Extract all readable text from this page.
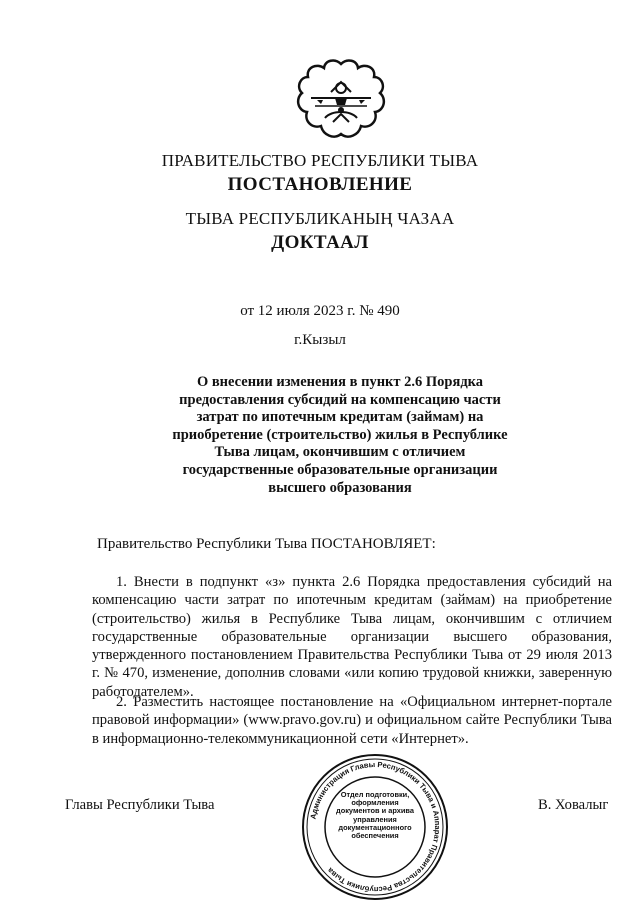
ПРАВИТЕЛЬСТВО РЕСПУБЛИКИ ТЫВА
ПОСТАНОВЛЕНИЕ
ТЫВА РЕСПУБЛИКАНЫҢ ЧАЗАА
ДОКТААЛ
от 12 июля 2023 г. № 490
г.Кызыл
О внесении изменения в пункт 2.6 Порядка предоставления субсидий на компенсацию части затрат по ипотечным кредитам (займам) на приобретение (строительство) жилья в Республике Тыва лицам, окончившим с отличием государственные образовательные организации высшего образования
Правительство Республики Тыва ПОСТАНОВЛЯЕТ:
1. Внести в подпункт «з» пункта 2.6 Порядка предоставления субсидий на компенсацию части затрат по ипотечным кредитам (займам) на приобретение (строительство) жилья в Республике Тыва лицам, окончившим с отличием государственные образовательные организации высшего образования, утвержденного постановлением Правительства Республики Тыва от 29 июля 2013 г. № 470, изменение, дополнив словами «или копию трудовой книжки, заверенную работодателем».
2. Разместить настоящее постановление на «Официальном интернет-портале правовой информации» (www.pravo.gov.ru) и официальном сайте Республики Тыва в информационно-телекоммуникационной сети «Интернет».
Главы Республики Тыва	В. Ховалыг
Администрация Главы Республики Тыва и Аппарат Правительства Республики Тыва
Отдел подготовки, оформления документов и архива управления документационного обеспечения
